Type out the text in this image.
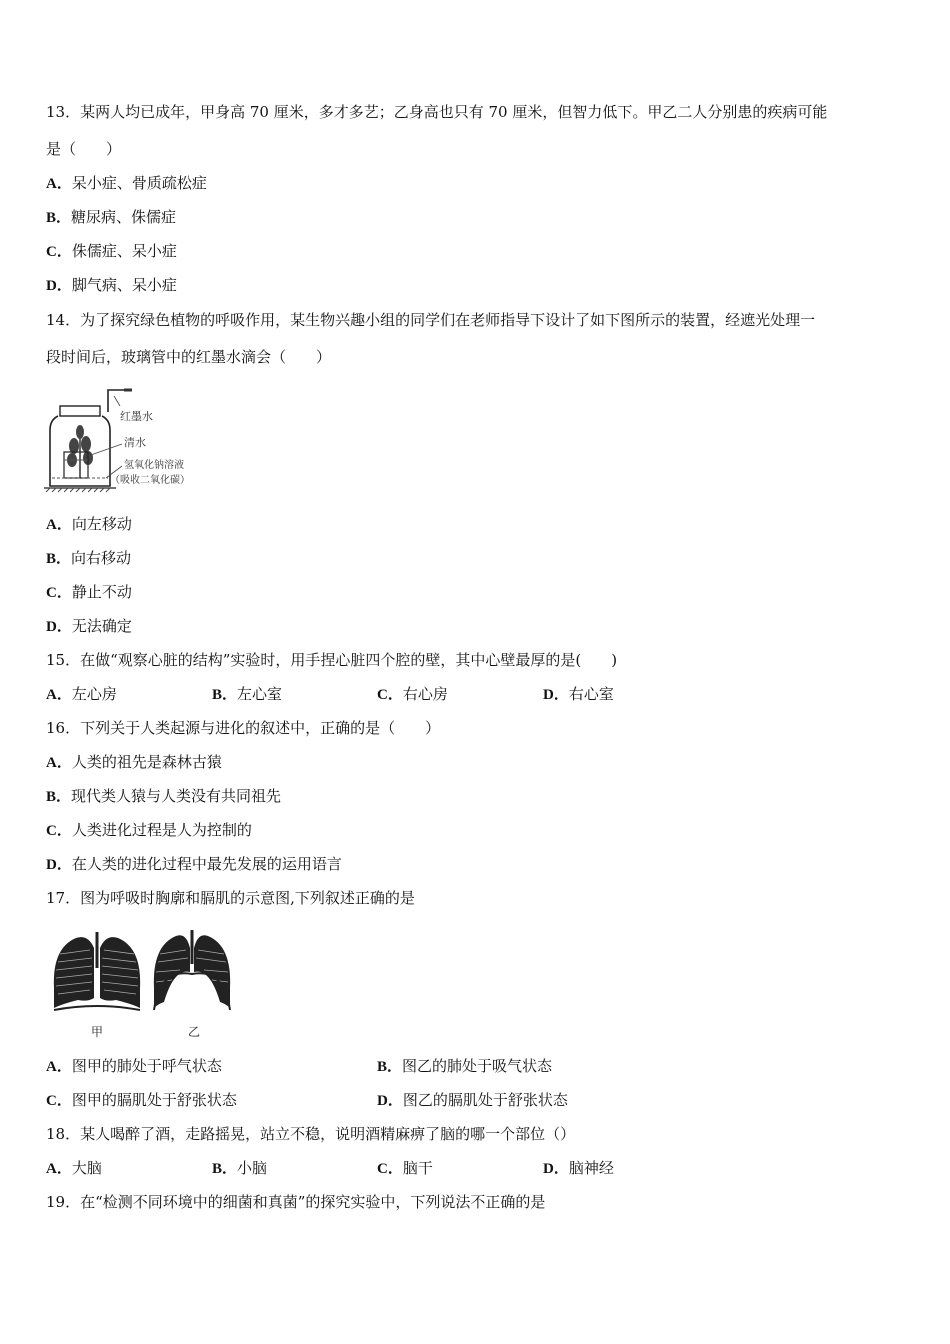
13．某两人均已成年，甲身高 70 厘米，多才多艺；乙身高也只有 70 厘米，但智力低下。甲乙二人分别患的疾病可能
是（　　）
A．呆小症、骨质疏松症
B．糖尿病、侏儒症
C．侏儒症、呆小症
D．脚气病、呆小症
14．为了探究绿色植物的呼吸作用，某生物兴趣小组的同学们在老师指导下设计了如下图所示的装置，经遮光处理一
段时间后，玻璃管中的红墨水滴会（　　）
红墨水
清水
氢氧化钠溶液
（吸收二氧化碳）
A．向左移动
B．向右移动
C．静止不动
D．无法确定
15．在做“观察心脏的结构”实验时，用手捏心脏四个腔的壁，其中心壁最厚的是(　　)
A．左心房	B．左心室	C．右心房	D．右心室
16．下列关于人类起源与进化的叙述中，正确的是（　　）
A．人类的祖先是森林古猿
B．现代类人猿与人类没有共同祖先
C．人类进化过程是人为控制的
D．在人类的进化过程中最先发展的运用语言
17．图为呼吸时胸廓和膈肌的示意图,下列叙述正确的是
甲	乙
A．图甲的肺处于呼气状态	B．图乙的肺处于吸气状态
C．图甲的膈肌处于舒张状态	D．图乙的膈肌处于舒张状态
18．某人喝醉了酒，走路摇晃，站立不稳，说明酒精麻痹了脑的哪一个部位（）
A．大脑	B．小脑	C．脑干	D．脑神经
19．在“检测不同环境中的细菌和真菌”的探究实验中，下列说法不正确的是
